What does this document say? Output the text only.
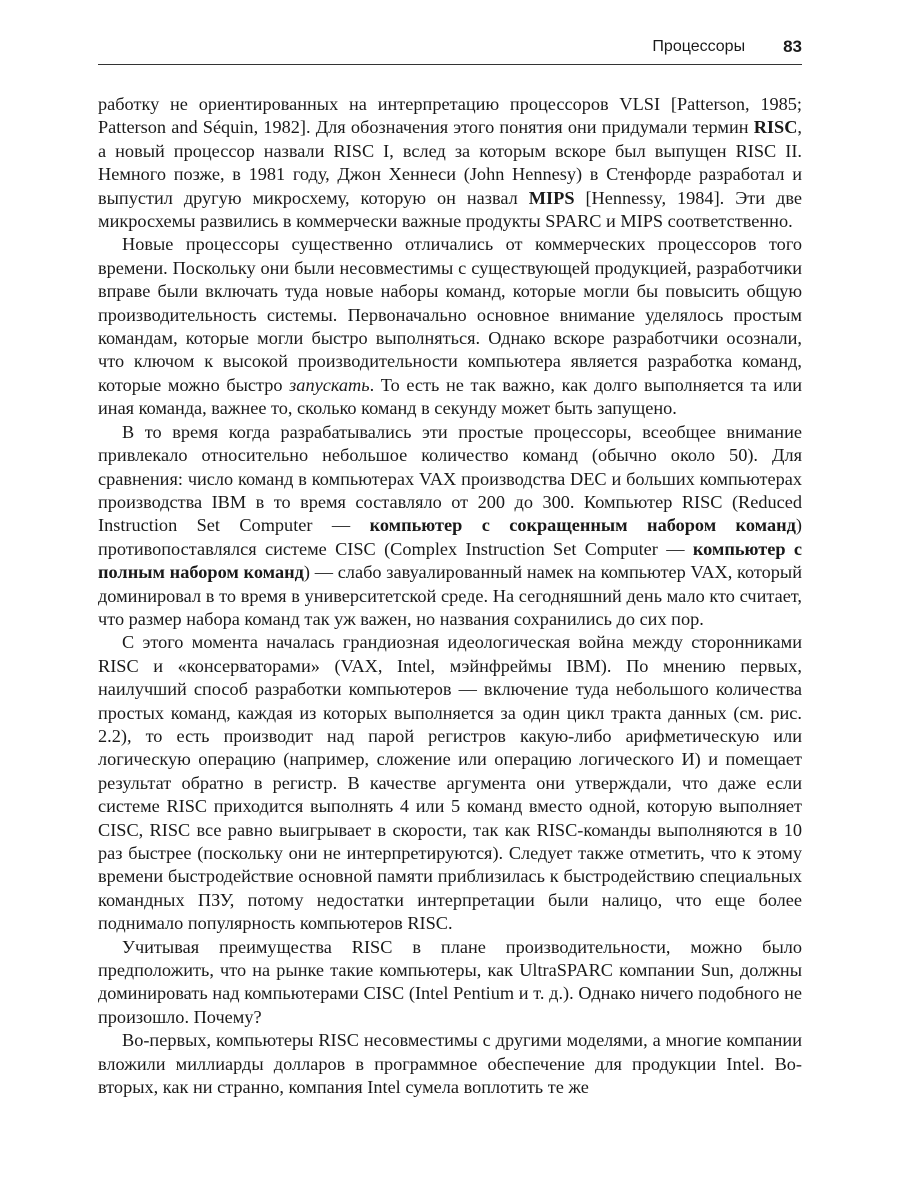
Процессоры 83

работку не ориентированных на интерпретацию процессоров VLSI [Patterson, 1985; Patterson and Séquin, 1982]. Для обозначения этого понятия они придумали термин RISC, а новый процессор назвали RISC I, вслед за которым вскоре был выпущен RISC II. Немного позже, в 1981 году, Джон Хеннеси (John Hennesy) в Стенфорде разработал и выпустил другую микросхему, которую он назвал MIPS [Hennessy, 1984]. Эти две микросхемы развились в коммерчески важные продукты SPARC и MIPS соответственно.

Новые процессоры существенно отличались от коммерческих процессоров того времени. Поскольку они были несовместимы с существующей продукцией, разработчики вправе были включать туда новые наборы команд, которые могли бы повысить общую производительность системы. Первоначально основное внимание уделялось простым командам, которые могли быстро выполняться. Однако вскоре разработчики осознали, что ключом к высокой производительности компьютера является разработка команд, которые можно быстро запускать. То есть не так важно, как долго выполняется та или иная команда, важнее то, сколько команд в секунду может быть запущено.

В то время когда разрабатывались эти простые процессоры, всеобщее внимание привлекало относительно небольшое количество команд (обычно около 50). Для сравнения: число команд в компьютерах VAX производства DEC и больших компьютерах производства IBM в то время составляло от 200 до 300. Компьютер RISC (Reduced Instruction Set Computer — компьютер с сокращенным набором команд) противопоставлялся системе CISC (Complex Instruction Set Computer — компьютер с полным набором команд) — слабо завуалированный намек на компьютер VAX, который доминировал в то время в университетской среде. На сегодняшний день мало кто считает, что размер набора команд так уж важен, но названия сохранились до сих пор.

С этого момента началась грандиозная идеологическая война между сторонниками RISC и «консерваторами» (VAX, Intel, мэйнфреймы IBM). По мнению первых, наилучший способ разработки компьютеров — включение туда небольшого количества простых команд, каждая из которых выполняется за один цикл тракта данных (см. рис. 2.2), то есть производит над парой регистров какую-либо арифметическую или логическую операцию (например, сложение или операцию логического И) и помещает результат обратно в регистр. В качестве аргумента они утверждали, что даже если системе RISC приходится выполнять 4 или 5 команд вместо одной, которую выполняет CISC, RISC все равно выигрывает в скорости, так как RISC-команды выполняются в 10 раз быстрее (поскольку они не интерпретируются). Следует также отметить, что к этому времени быстродействие основной памяти приблизилась к быстродействию специальных командных ПЗУ, потому недостатки интерпретации были налицо, что еще более поднимало популярность компьютеров RISC.

Учитывая преимущества RISC в плане производительности, можно было предположить, что на рынке такие компьютеры, как UltraSPARC компании Sun, должны доминировать над компьютерами CISC (Intel Pentium и т. д.). Однако ничего подобного не произошло. Почему?

Во-первых, компьютеры RISC несовместимы с другими моделями, а многие компании вложили миллиарды долларов в программное обеспечение для продукции Intel. Во-вторых, как ни странно, компания Intel сумела воплотить те же
